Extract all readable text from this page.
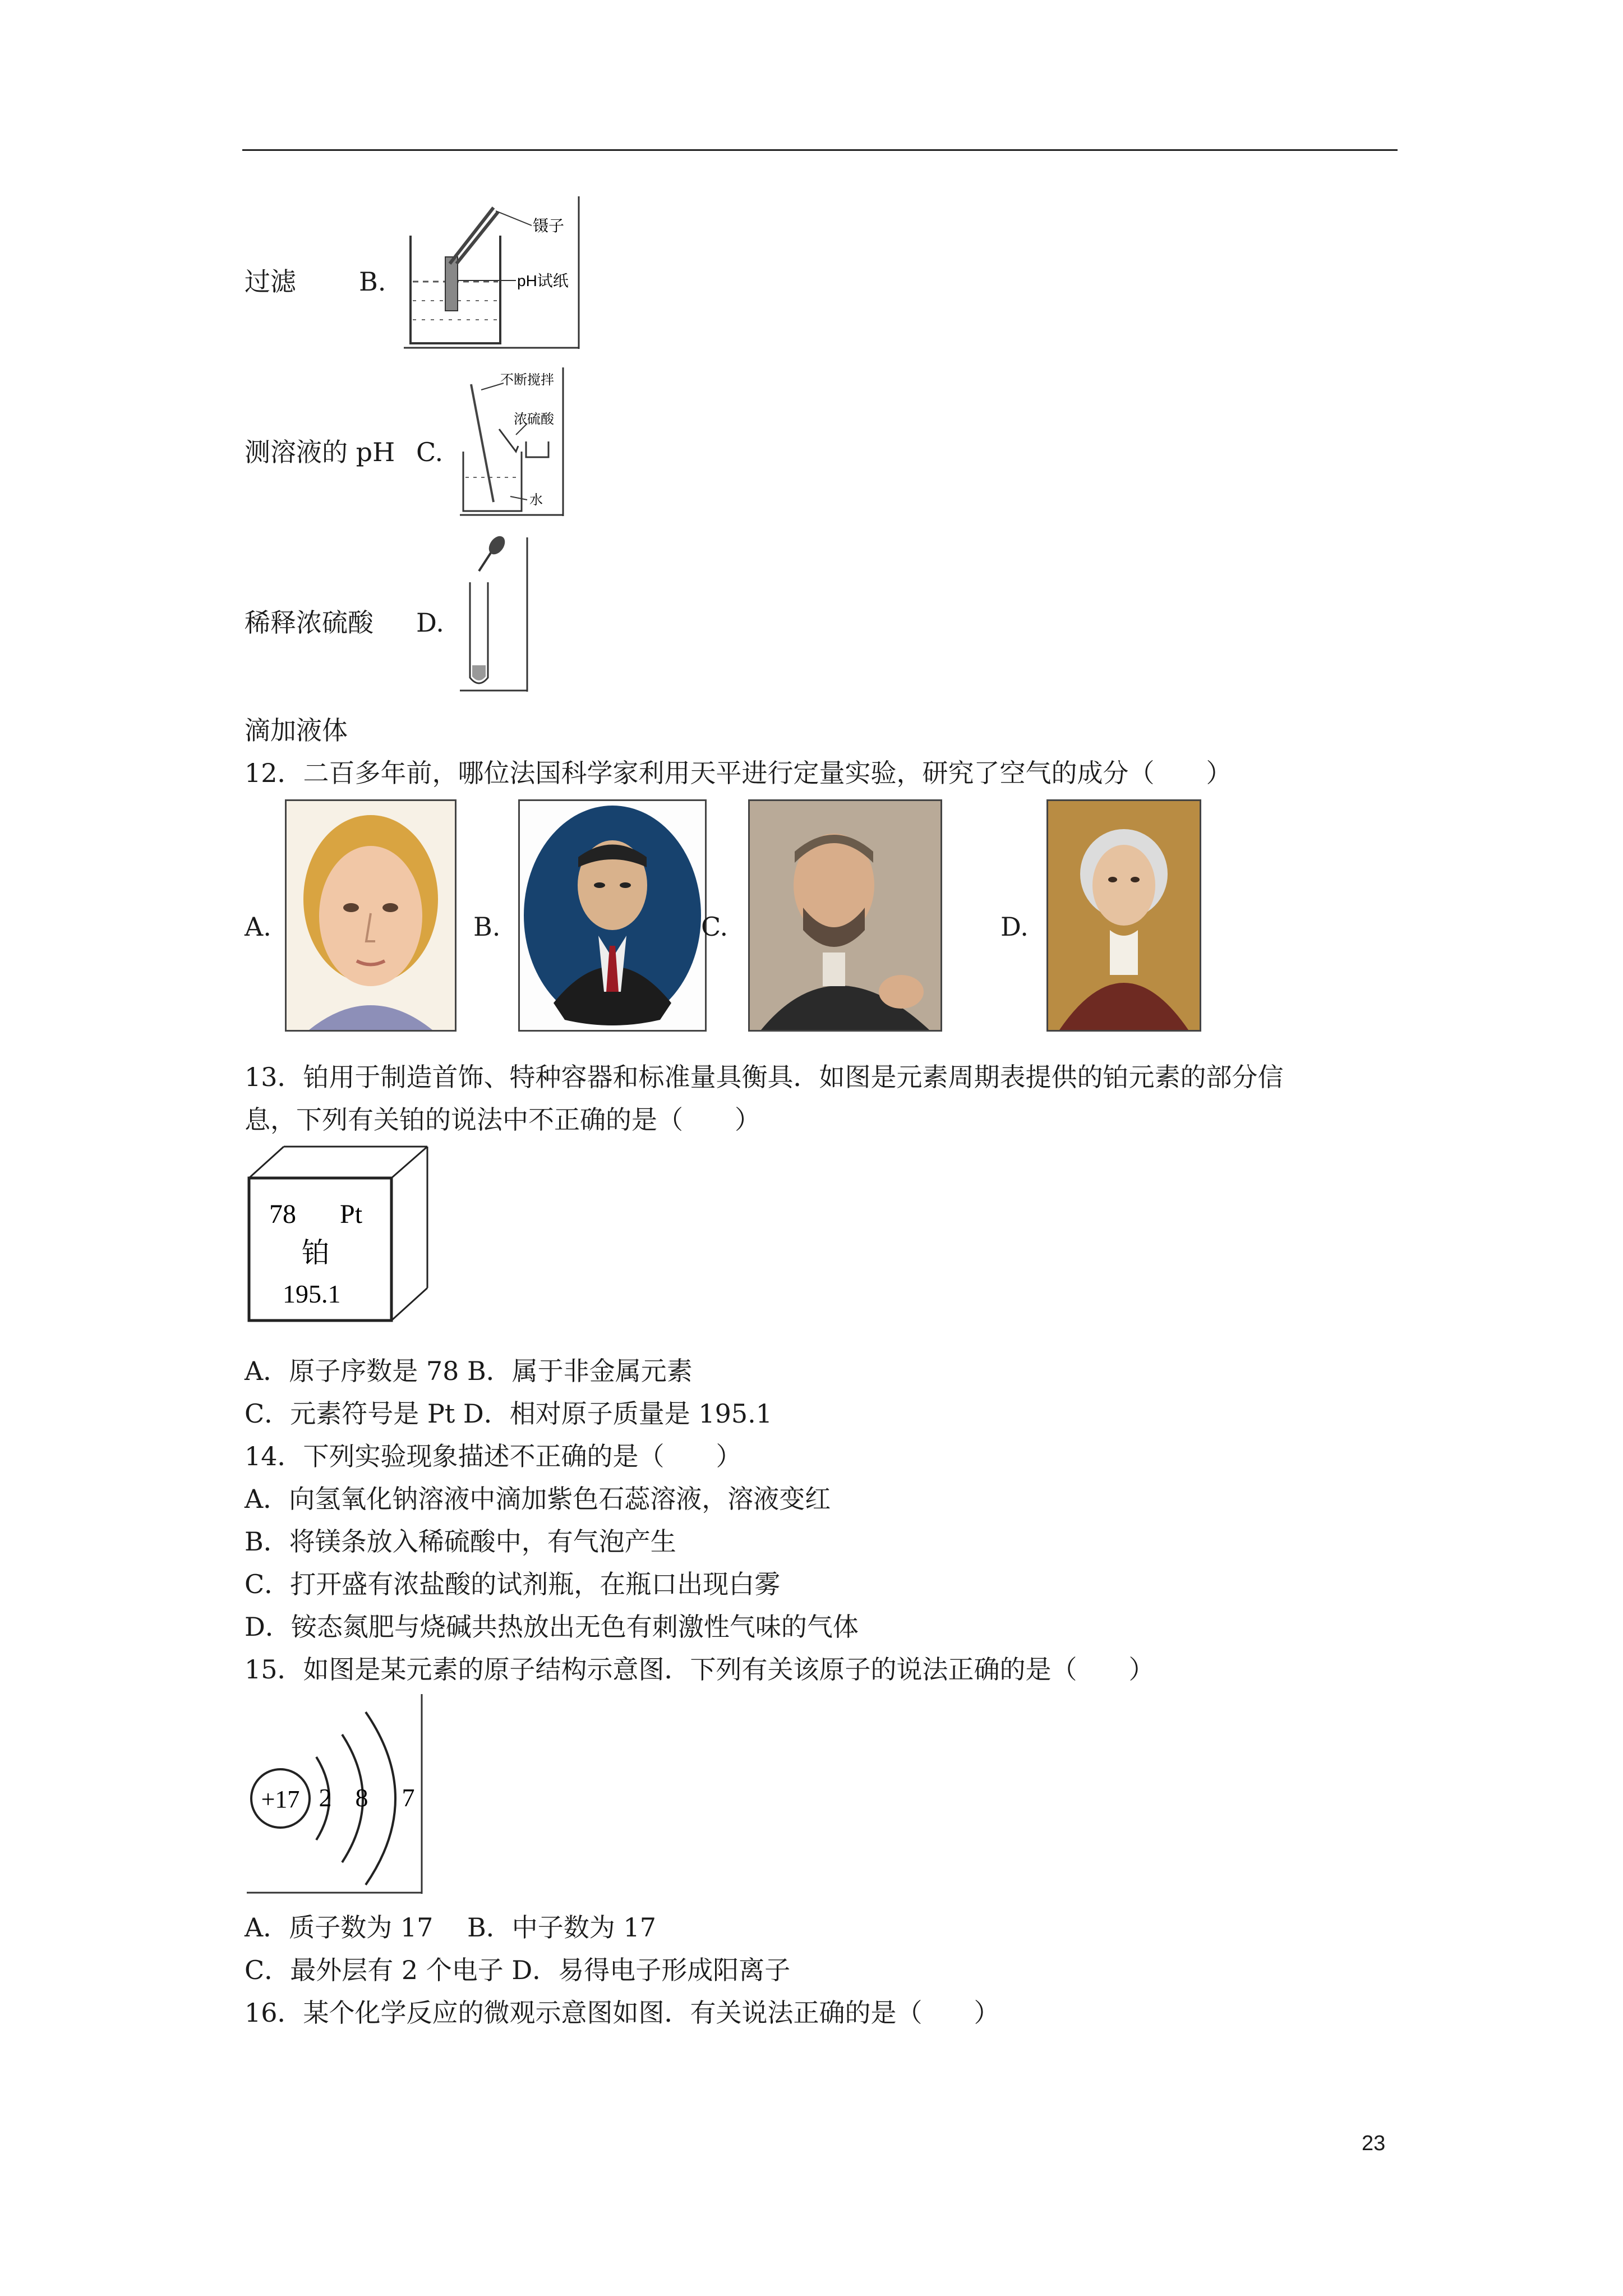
过滤 B.
镊子
pH试纸
测溶液的 pH C.
不断搅拌
浓硫酸
水
稀释浓硫酸 D.
滴加液体
12．二百多年前，哪位法国科学家利用天平进行定量实验，研究了空气的成分（　　）
A.	B.	C.	D.
13．铂用于制造首饰、特种容器和标准量具衡具．如图是元素周期表提供的铂元素的部分信
息，下列有关铂的说法中不正确的是（　　）
78 Pt
铂
195.1
A．原子序数是 78 B．属于非金属元素
C．元素符号是 Pt D．相对原子质量是 195.1
14．下列实验现象描述不正确的是（　　）
A．向氢氧化钠溶液中滴加紫色石蕊溶液，溶液变红
B．将镁条放入稀硫酸中，有气泡产生
C．打开盛有浓盐酸的试剂瓶，在瓶口出现白雾
D．铵态氮肥与烧碱共热放出无色有刺激性气味的气体
15．如图是某元素的原子结构示意图．下列有关该原子的说法正确的是（　　）
+17 2 8 7
A．质子数为 17　 B．中子数为 17
C．最外层有 2 个电子 D．易得电子形成阳离子
16．某个化学反应的微观示意图如图．有关说法正确的是（　　）
23
